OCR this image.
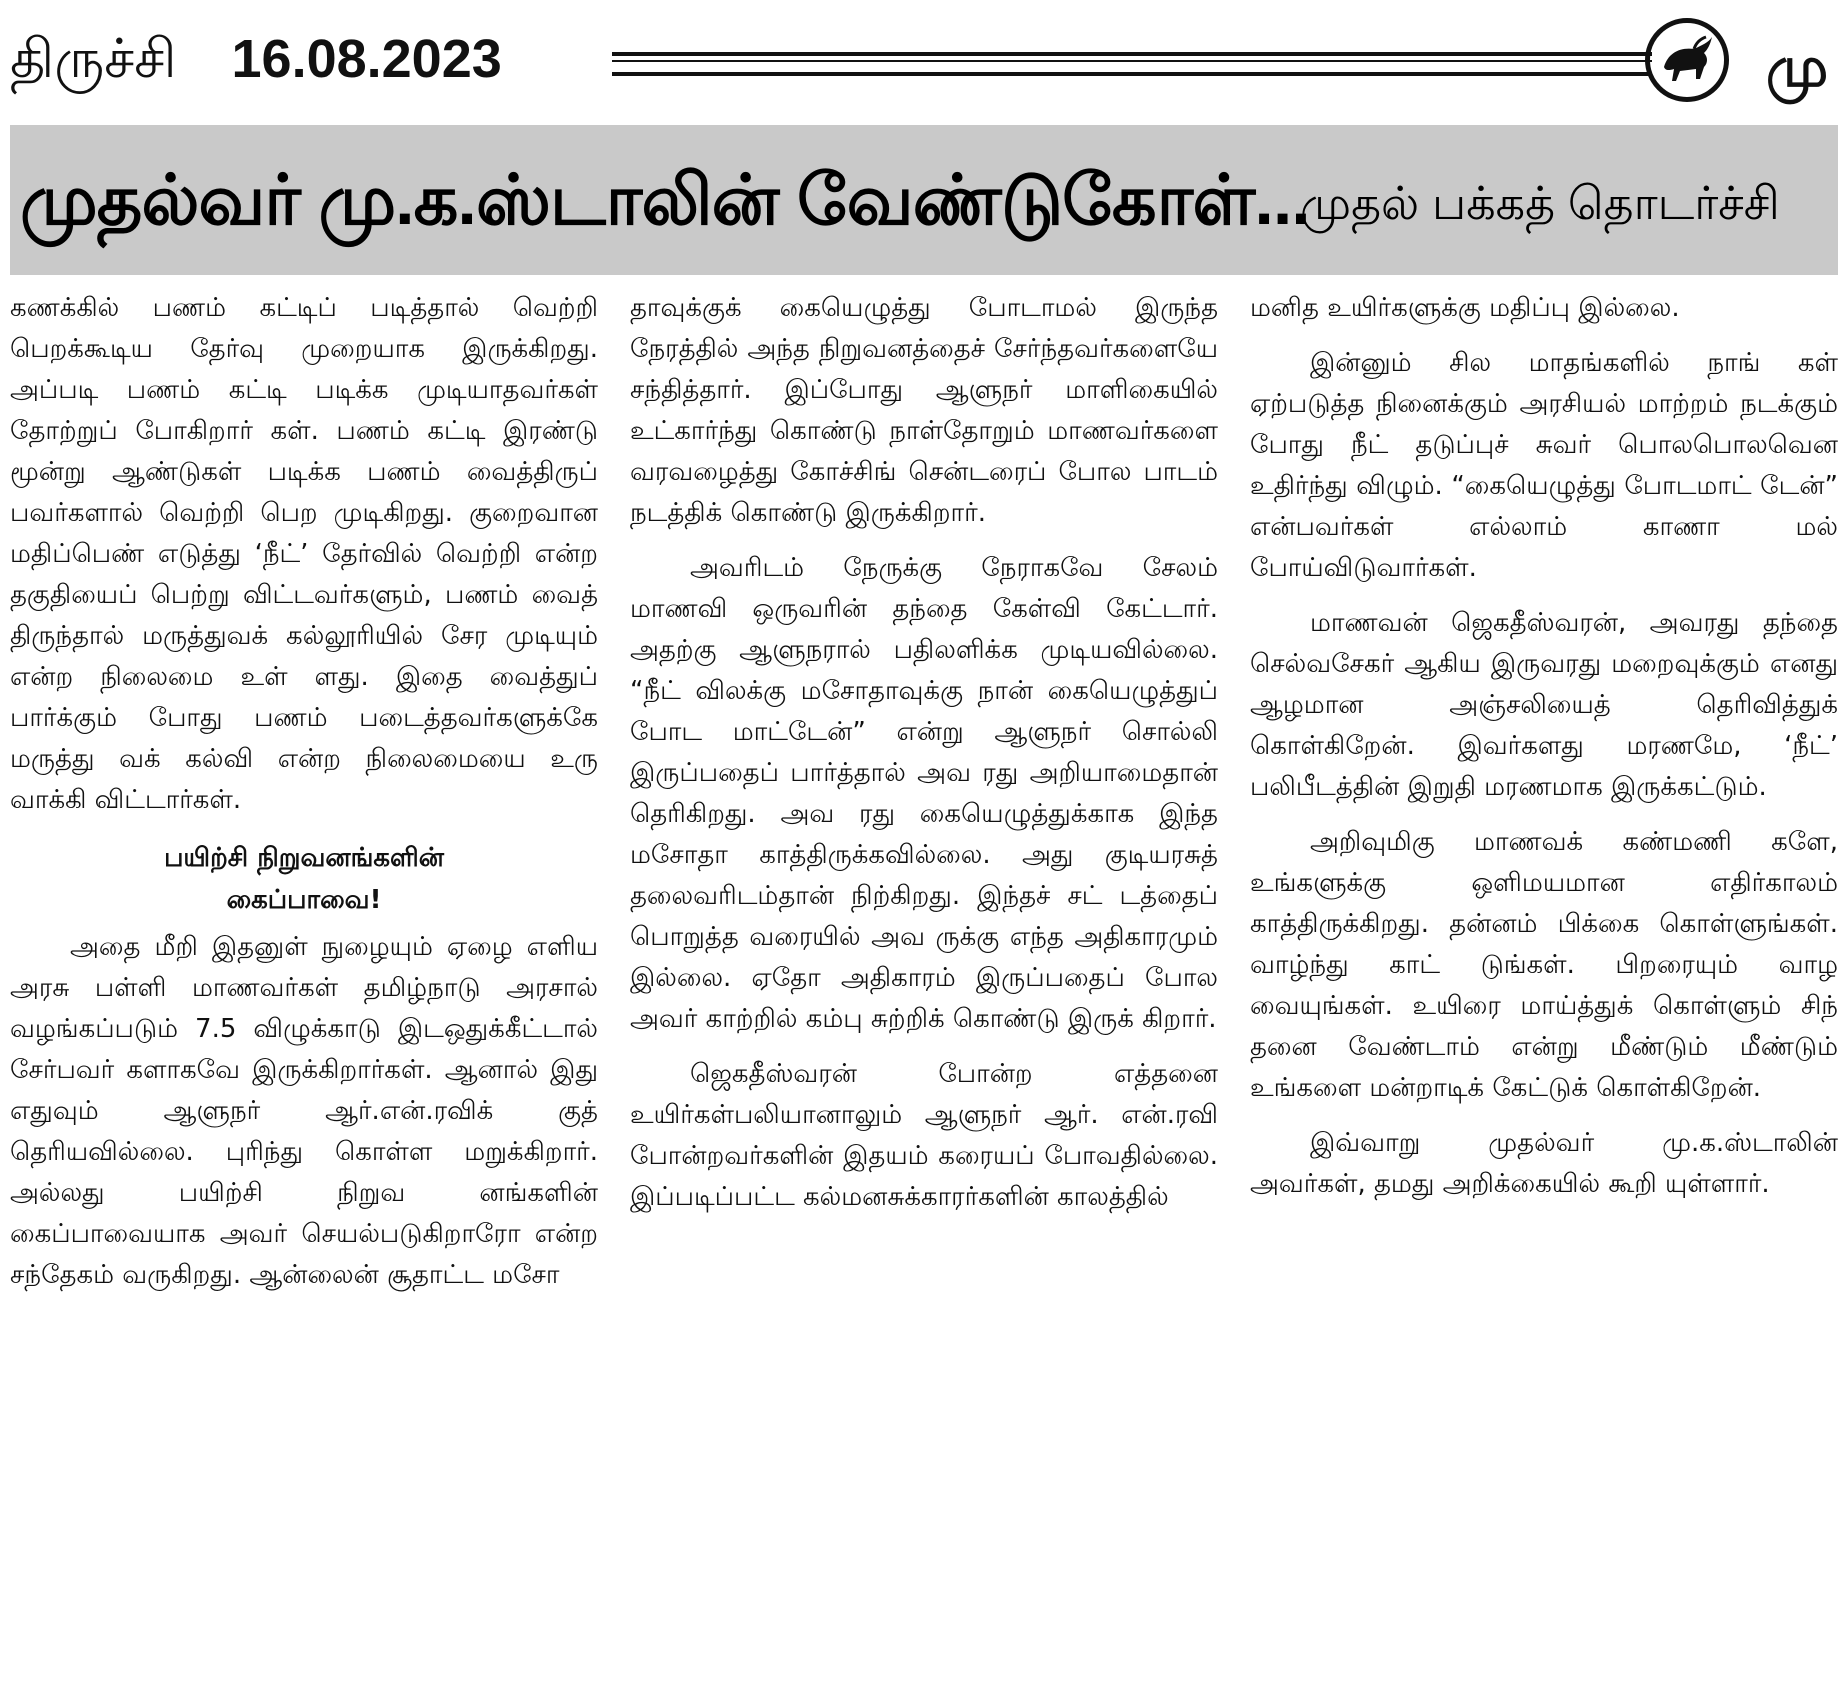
திருச்சி 16.08.2023	மு
முதல்வர் மு.க.ஸ்டாலின் வேண்டுகோள்...
முதல் பக்கத் தொடர்ச்சி

கணக்கில் பணம் கட்டிப் படித்தால் வெற்றி பெறக்கூடிய தேர்வு முறையாக இருக்கிறது. அப்படி பணம் கட்டி படிக்க முடியாதவர்கள் தோற்றுப் போகிறார் கள். பணம் கட்டி இரண்டு மூன்று ஆண்டுகள் படிக்க பணம் வைத்திருப் பவர்களால் வெற்றி பெற முடிகிறது. குறைவான மதிப்பெண் எடுத்து ‘நீட்’ தேர்வில் வெற்றி என்ற தகுதியைப் பெற்று விட்டவர்களும், பணம் வைத் திருந்தால் மருத்துவக் கல்லூரியில் சேர முடியும் என்ற நிலைமை உள் ளது. இதை வைத்துப் பார்க்கும் போது பணம் படைத்தவர்களுக்கே மருத்து வக் கல்வி என்ற நிலைமையை உரு வாக்கி விட்டார்கள்.

பயிற்சி நிறுவனங்களின்
கைப்பாவை!

அதை மீறி இதனுள் நுழையும் ஏழை எளிய அரசு பள்ளி மாணவர்கள் தமிழ்நாடு அரசால் வழங்கப்படும் 7.5 விழுக்காடு இடஒதுக்கீட்டால் சேர்பவர் களாகவே இருக்கிறார்கள். ஆனால் இது எதுவும் ஆளுநர் ஆர்.என்.ரவிக் குத் தெரியவில்லை. புரிந்து கொள்ள மறுக்கிறார். அல்லது பயிற்சி நிறுவ னங்களின் கைப்பாவையாக அவர் செயல்படுகிறாரோ என்ற சந்தேகம் வருகிறது. ஆன்லைன் சூதாட்ட மசோ

தாவுக்குக் கையெழுத்து போடாமல் இருந்த நேரத்தில் அந்த நிறுவனத்தைச் சேர்ந்தவர்களையே சந்தித்தார். இப்போது ஆளுநர் மாளிகையில் உட்கார்ந்து கொண்டு நாள்தோறும் மாணவர்களை வரவழைத்து கோச்சிங் சென்டரைப் போல பாடம் நடத்திக் கொண்டு இருக்கிறார்.

அவரிடம் நேருக்கு நேராகவே சேலம் மாணவி ஒருவரின் தந்தை கேள்வி கேட்டார். அதற்கு ஆளுநரால் பதிலளிக்க முடியவில்லை. “நீட் விலக்கு மசோதாவுக்கு நான் கையெழுத்துப் போட மாட்டேன்” என்று ஆளுநர் சொல்லி இருப்பதைப் பார்த்தால் அவ ரது அறியாமைதான் தெரிகிறது. அவ ரது கையெழுத்துக்காக இந்த மசோதா காத்திருக்கவில்லை. அது குடியரசுத் தலைவரிடம்தான் நிற்கிறது. இந்தச் சட் டத்தைப் பொறுத்த வரையில் அவ ருக்கு எந்த அதிகாரமும் இல்லை. ஏதோ அதிகாரம் இருப்பதைப் போல அவர் காற்றில் கம்பு சுற்றிக் கொண்டு இருக் கிறார்.

ஜெகதீஸ்வரன் போன்ற எத்தனை உயிர்கள்பலியானாலும் ஆளுநர் ஆர். என்.ரவி போன்றவர்களின் இதயம் கரையப் போவதில்லை. இப்படிப்பட்ட கல்மனசுக்காரர்களின் காலத்தில்

மனித உயிர்களுக்கு மதிப்பு இல்லை.

இன்னும் சில மாதங்களில் நாங் கள் ஏற்படுத்த நினைக்கும் அரசியல் மாற்றம் நடக்கும் போது நீட் தடுப்புச் சுவர் பொலபொலவென உதிர்ந்து விழும். “கையெழுத்து போடமாட் டேன்” என்பவர்கள் எல்லாம் காணா மல் போய்விடுவார்கள்.

மாணவன் ஜெகதீஸ்வரன், அவரது தந்தை செல்வசேகர் ஆகிய இருவரது மறைவுக்கும் எனது ஆழமான அஞ்சலியைத் தெரிவித்துக் கொள்கிறேன். இவர்களது மரணமே, ‘நீட்’ பலிபீடத்தின் இறுதி மரணமாக இருக்கட்டும்.

அறிவுமிகு மாணவக் கண்மணி களே, உங்களுக்கு ஒளிமயமான எதிர்காலம் காத்திருக்கிறது. தன்னம் பிக்கை கொள்ளுங்கள். வாழ்ந்து காட் டுங்கள். பிறரையும் வாழ வையுங்கள். உயிரை மாய்த்துக் கொள்ளும் சிந் தனை வேண்டாம் என்று மீண்டும் மீண்டும் உங்களை மன்றாடிக் கேட்டுக் கொள்கிறேன்.

இவ்வாறு முதல்வர் மு.க.ஸ்டாலின் அவர்கள், தமது அறிக்கையில் கூறி யுள்ளார்.
